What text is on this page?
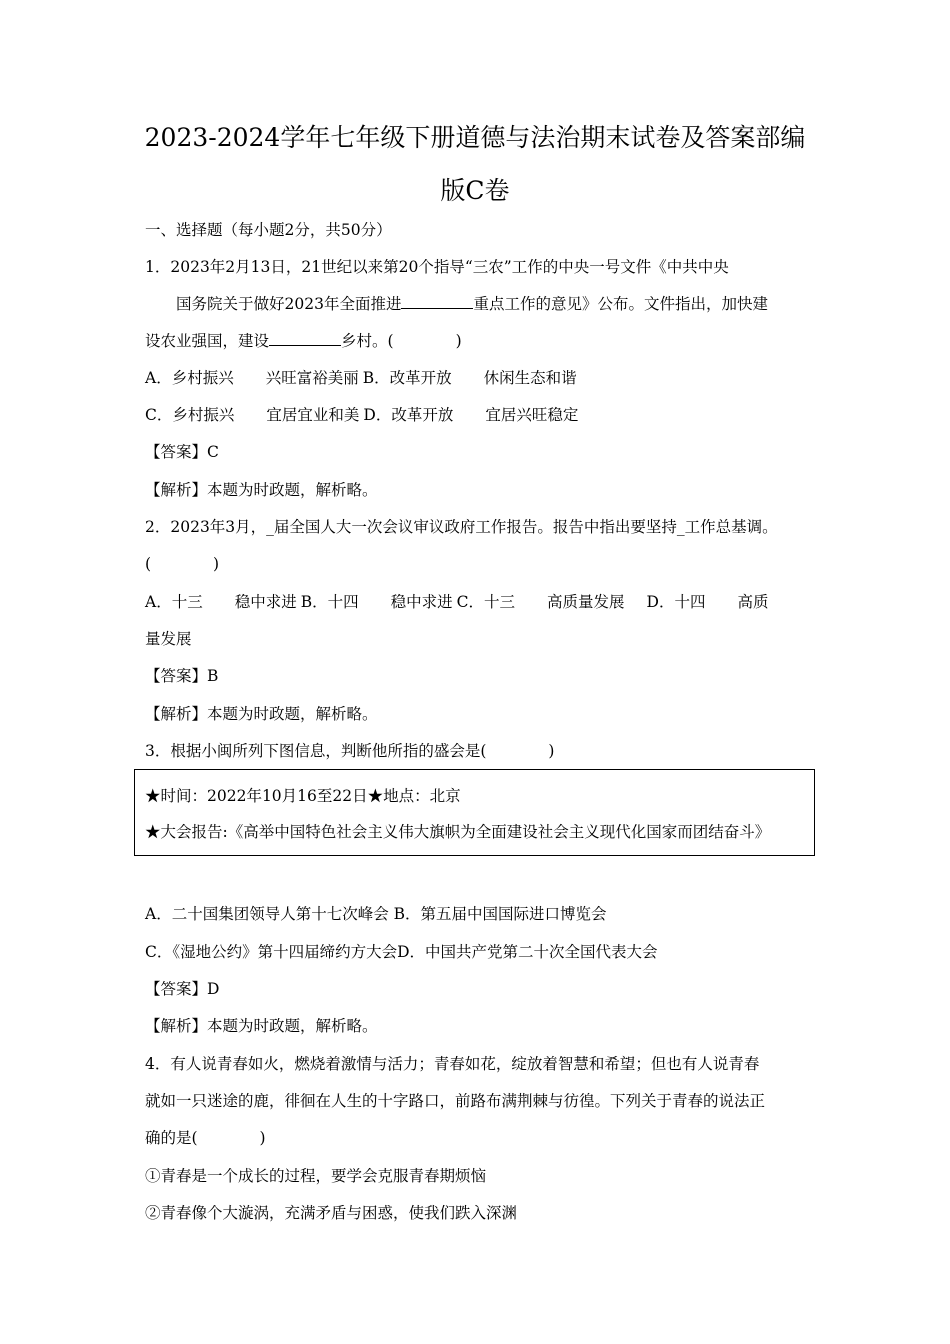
2023-2024学年七年级下册道德与法治期末试卷及答案部编
版C卷
一、选择题（每小题2分，共50分）
1．2023年2月13日，21世纪以来第20个指导“三农”工作的中央一号文件《中共中央
国务院关于做好2023年全面推进	重点工作的意见》公布。文件指出，加快建
设农业强国，建设	乡村。(　　　　)
A．乡村振兴 兴旺富裕美丽 B．改革开放 休闲生态和谐
C．乡村振兴 宜居宜业和美 D．改革开放 宜居兴旺稳定
【答案】C
【解析】本题为时政题，解析略。
2．2023年3月，_届全国人大一次会议审议政府工作报告。报告中指出要坚持_工作总基调。
(　　　　)
A．十三 稳中求进 B．十四 稳中求进 C．十三 高质量发展 D．十四 高质
量发展
【答案】B
【解析】本题为时政题，解析略。
3．根据小闽所列下图信息，判断他所指的盛会是(　　　　)
★时间：2022年10月16至22日★地点：北京
★大会报告:《高举中国特色社会主义伟大旗帜为全面建设社会主义现代化国家而团结奋斗》
A．二十国集团领导人第十七次峰会 B．第五届中国国际进口博览会
C．《湿地公约》第十四届缔约方大会D．中国共产党第二十次全国代表大会
【答案】D
【解析】本题为时政题，解析略。
4．有人说青春如火，燃烧着激情与活力；青春如花，绽放着智慧和希望；但也有人说青春
就如一只迷途的鹿，徘徊在人生的十字路口，前路布满荆棘与彷徨。下列关于青春的说法正
确的是(　　　　)
①青春是一个成长的过程，要学会克服青春期烦恼
②青春像个大漩涡，充满矛盾与困惑，使我们跌入深渊
